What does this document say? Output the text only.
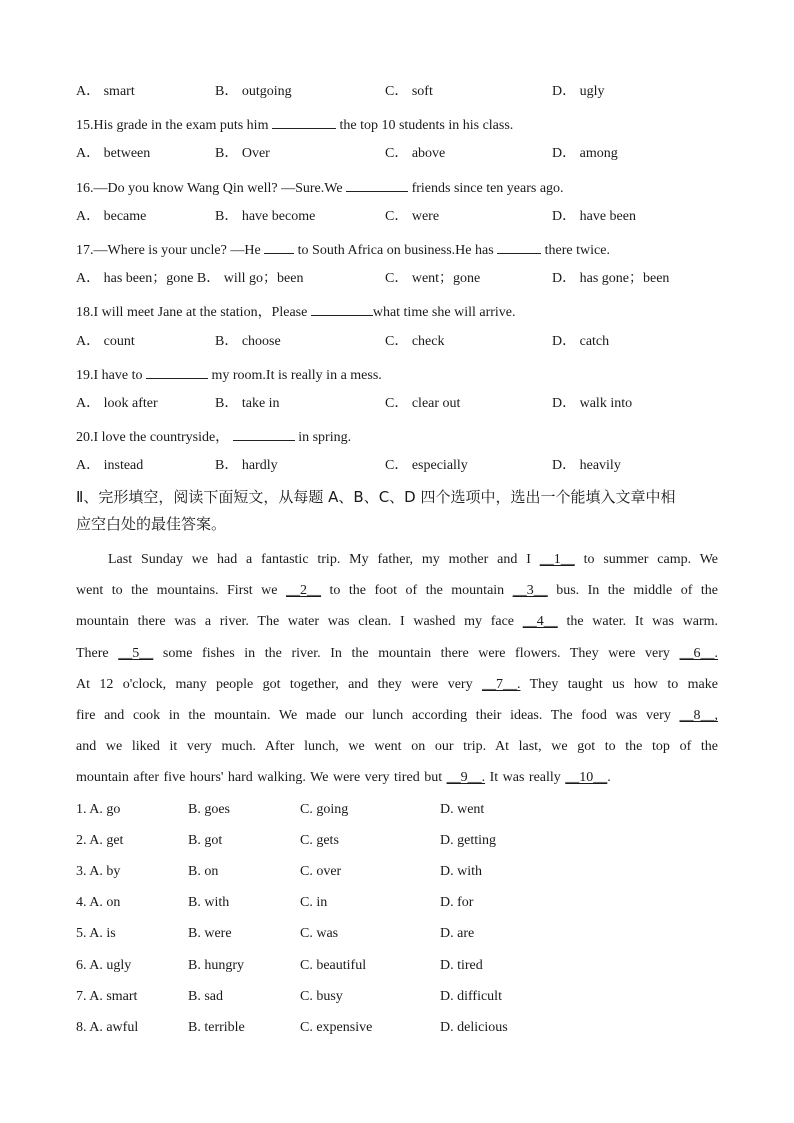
A． smart	B． outgoing	C． soft	D． ugly
15.His grade in the exam puts him	the top 10 students in his class.
A． between	B． Over	C． above	D． among
16.—Do you know Wang Qin well? —Sure.We	friends since ten years ago.
A． became	B． have become	C． were	D． have been
17.—Where is your uncle? —He	to South Africa on business.He has	there twice.
A． has been；gone B． will go；been	C． went；gone	D． has gone；been
18.I will meet Jane at the station，Please	what time she will arrive.
A． count	B． choose	C． check	D． catch
19.I have to	my room.It is really in a mess.
A． look after	B． take in	C． clear out	D． walk into
20.I love the countryside，	in spring.
A． instead	B． hardly	C． especially	D． heavily
Ⅱ、完形填空，阅读下面短文，从每题 A、B、C、D 四个选项中，选出一个能填入文章中相
应空白处的最佳答案。
Last Sunday we had a fantastic trip. My father, my mother and I __1__ to summer camp. We
went to the mountains. First we __2__ to the foot of the mountain __3__ bus. In the middle of the
mountain there was a river. The water was clean. I washed my face __4__ the water. It was warm.
There __5__ some fishes in the river. In the mountain there were flowers. They were very __6__.
At 12 o'clock, many people got together, and they were very __7__. They taught us how to make
fire and cook in the mountain. We made our lunch according their ideas. The food was very __8__,
and we liked it very much. After lunch, we went on our trip. At last, we got to the top of the
mountain after five hours' hard walking. We were very tired but __9__. It was really __10__.
1. A. go	B. goes	C. going	D. went
2. A. get	B. got	C. gets	D. getting
3. A. by	B. on	C. over	D. with
4. A. on	B. with	C. in	D. for
5. A. is	B. were	C. was	D. are
6. A. ugly	B. hungry	C. beautiful	D. tired
7. A. smart	B. sad	C. busy	D. difficult
8. A. awful	B. terrible	C. expensive	D. delicious
